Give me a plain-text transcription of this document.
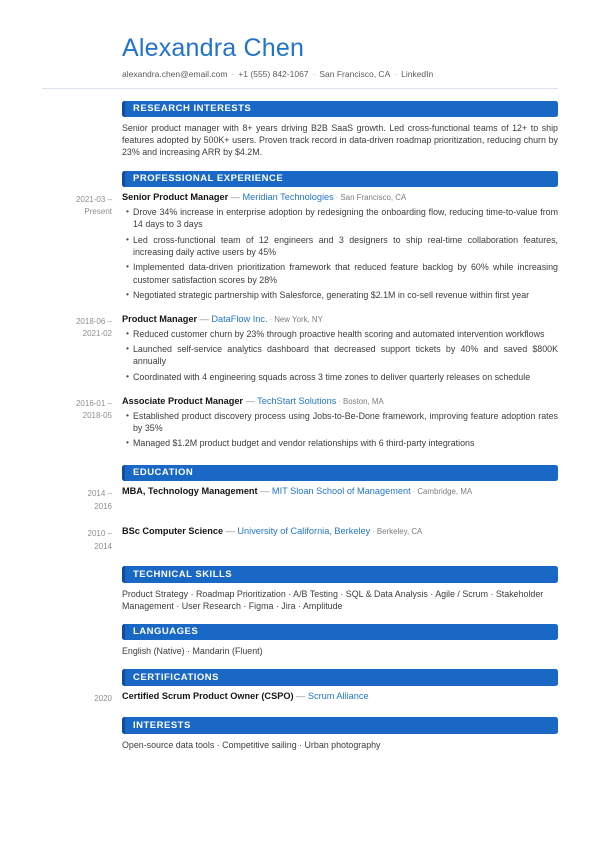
Alexandra Chen
alexandra.chen@email.com · +1 (555) 842-1067 · San Francisco, CA · LinkedIn
RESEARCH INTERESTS
Senior product manager with 8+ years driving B2B SaaS growth. Led cross-functional teams of 12+ to ship features adopted by 500K+ users. Proven track record in data-driven roadmap prioritization, reducing churn by 23% and increasing ARR by $4.2M.
PROFESSIONAL EXPERIENCE
2021-03 –
Present
Senior Product Manager — Meridian Technologies · San Francisco, CA
• Drove 34% increase in enterprise adoption by redesigning the onboarding flow, reducing time-to-value from 14 days to 3 days
• Led cross-functional team of 12 engineers and 3 designers to ship real-time collaboration features, increasing daily active users by 45%
• Implemented data-driven prioritization framework that reduced feature backlog by 60% while increasing customer satisfaction scores by 28%
• Negotiated strategic partnership with Salesforce, generating $2.1M in co-sell revenue within first year
2018-06 –
2021-02
Product Manager — DataFlow Inc. · New York, NY
• Reduced customer churn by 23% through proactive health scoring and automated intervention workflows
• Launched self-service analytics dashboard that decreased support tickets by 40% and saved $800K annually
• Coordinated with 4 engineering squads across 3 time zones to deliver quarterly releases on schedule
2016-01 –
2018-05
Associate Product Manager — TechStart Solutions · Boston, MA
• Established product discovery process using Jobs-to-Be-Done framework, improving feature adoption rates by 35%
• Managed $1.2M product budget and vendor relationships with 6 third-party integrations
EDUCATION
2014 –
2016
MBA, Technology Management — MIT Sloan School of Management · Cambridge, MA
2010 –
2014
BSc Computer Science — University of California, Berkeley · Berkeley, CA
TECHNICAL SKILLS
Product Strategy · Roadmap Prioritization · A/B Testing · SQL & Data Analysis · Agile / Scrum · Stakeholder Management · User Research · Figma · Jira · Amplitude
LANGUAGES
English (Native) · Mandarin (Fluent)
CERTIFICATIONS
2020 Certified Scrum Product Owner (CSPO) — Scrum Alliance
INTERESTS
Open-source data tools · Competitive sailing · Urban photography
